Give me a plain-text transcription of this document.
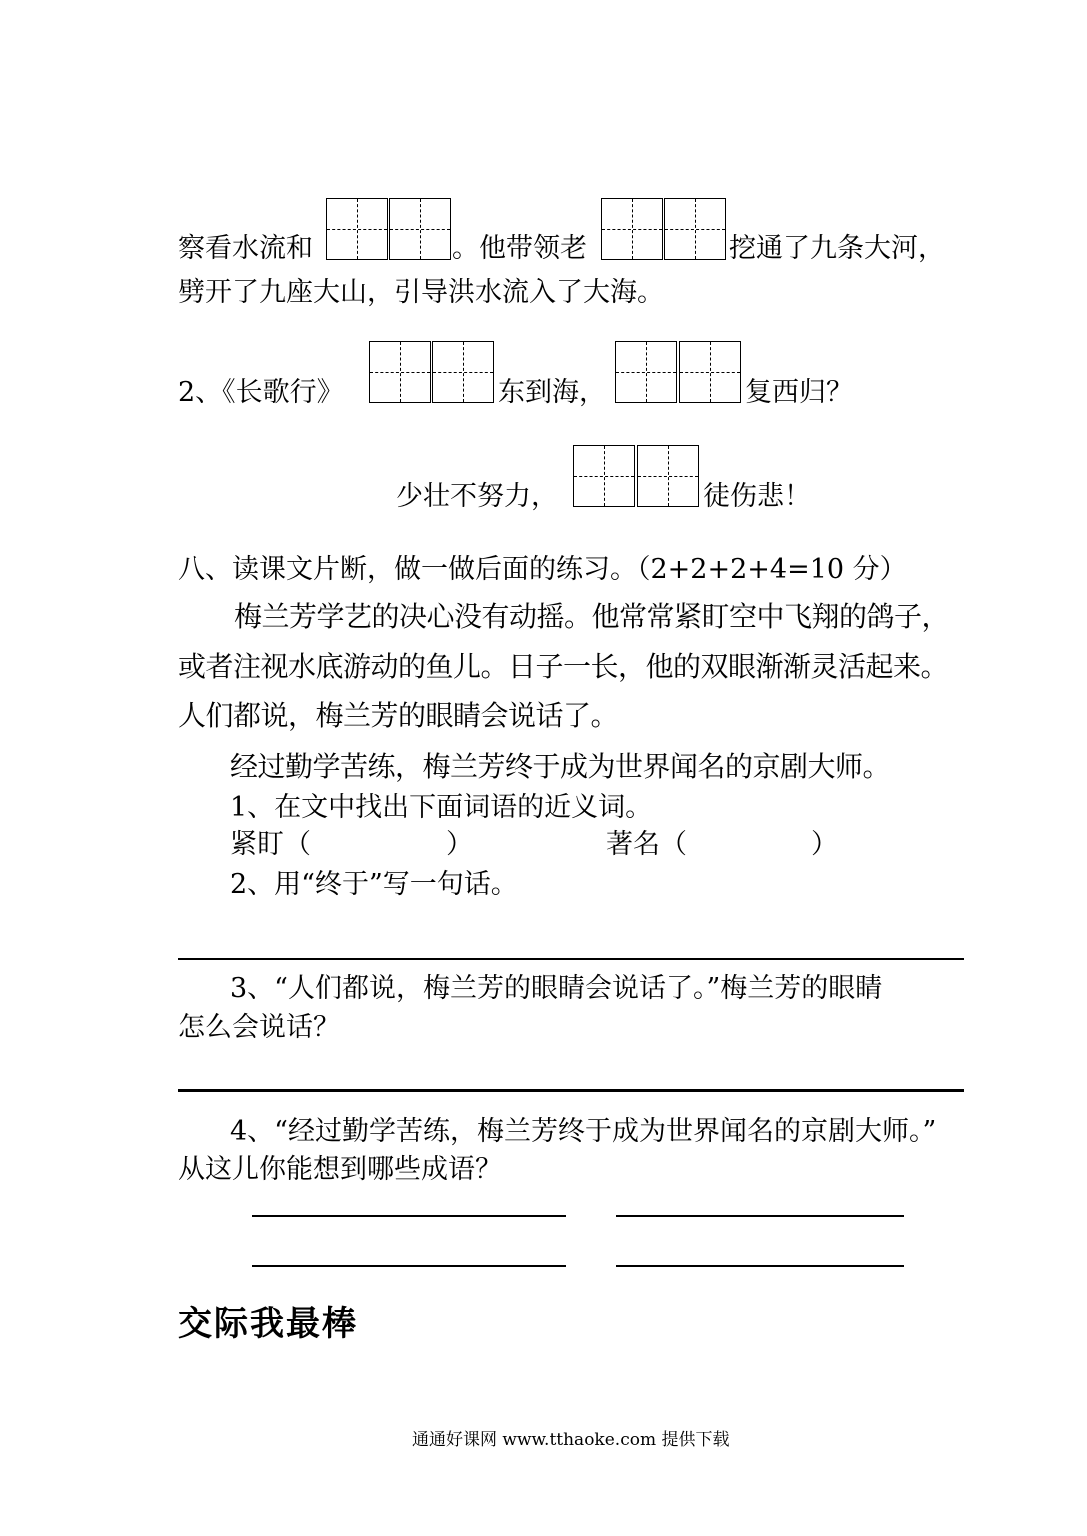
察看水流和	。他带领老	挖通了九条大河，
劈开了九座大山，引导洪水流入了大海。
2、《长歌行》	东到海，	复西归？
少壮不努力，	徒伤悲！
八、读课文片断，做一做后面的练习。（2+2+2+4=10 分）
梅兰芳学艺的决心没有动摇。他常常紧盯空中飞翔的鸽子，
或者注视水底游动的鱼儿。日子一长，他的双眼渐渐灵活起来。
人们都说，梅兰芳的眼睛会说话了。
经过勤学苦练，梅兰芳终于成为世界闻名的京剧大师。
1、在文中找出下面词语的近义词。
紧盯（	）	著名（	）
2、用“终于”写一句话。
3、“人们都说，梅兰芳的眼睛会说话了。”梅兰芳的眼睛
怎么会说话？
4、“经过勤学苦练，梅兰芳终于成为世界闻名的京剧大师。”
从这儿你能想到哪些成语？
交际我最棒
通通好课网 www.tthaoke.com 提供下载
